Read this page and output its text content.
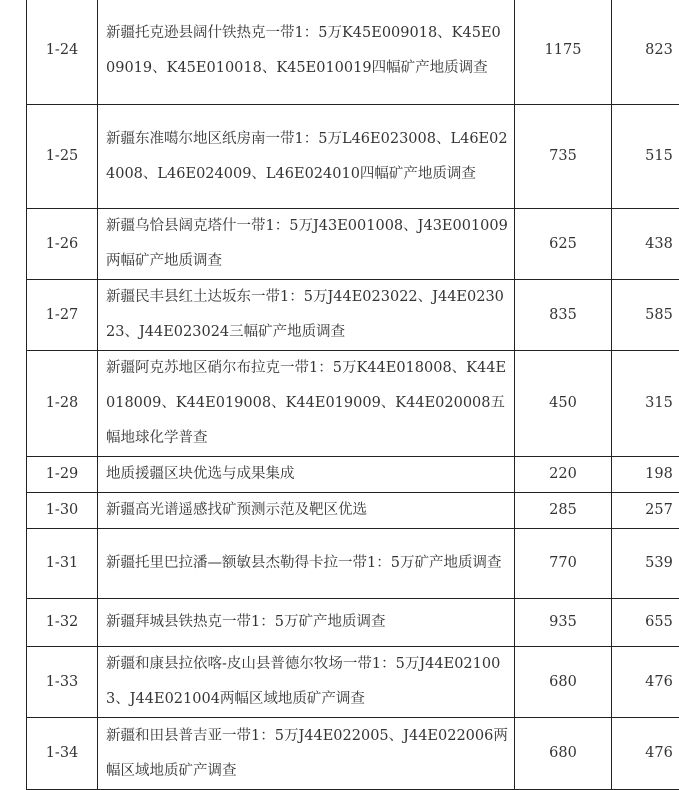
1-24	新疆托克逊县阔什铁热克一带1：5万K45E009018、K45E009019、K45E010018、K45E010019四幅矿产地质调查	1175	823
1-25	新疆东准噶尔地区纸房南一带1：5万L46E023008、L46E024008、L46E024009、L46E024010四幅矿产地质调查	735	515
1-26	新疆乌恰县阔克塔什一带1：5万J43E001008、J43E001009两幅矿产地质调查	625	438
1-27	新疆民丰县红土达坂东一带1：5万J44E023022、J44E023023、J44E023024三幅矿产地质调查	835	585
1-28	新疆阿克苏地区硝尔布拉克一带1：5万K44E018008、K44E018009、K44E019008、K44E019009、K44E020008五幅地球化学普查	450	315
1-29	地质援疆区块优选与成果集成	220	198
1-30	新疆高光谱遥感找矿预测示范及靶区优选	285	257
1-31	新疆托里巴拉潘—额敏县杰勒得卡拉一带1：5万矿产地质调查	770	539
1-32	新疆拜城县铁热克一带1：5万矿产地质调查	935	655
1-33	新疆和康县拉依喀-皮山县普德尔牧场一带1：5万J44E021003、J44E021004两幅区域地质矿产调查	680	476
1-34	新疆和田县普吉亚一带1：5万J44E022005、J44E022006两幅区域地质矿产调查	680	476
